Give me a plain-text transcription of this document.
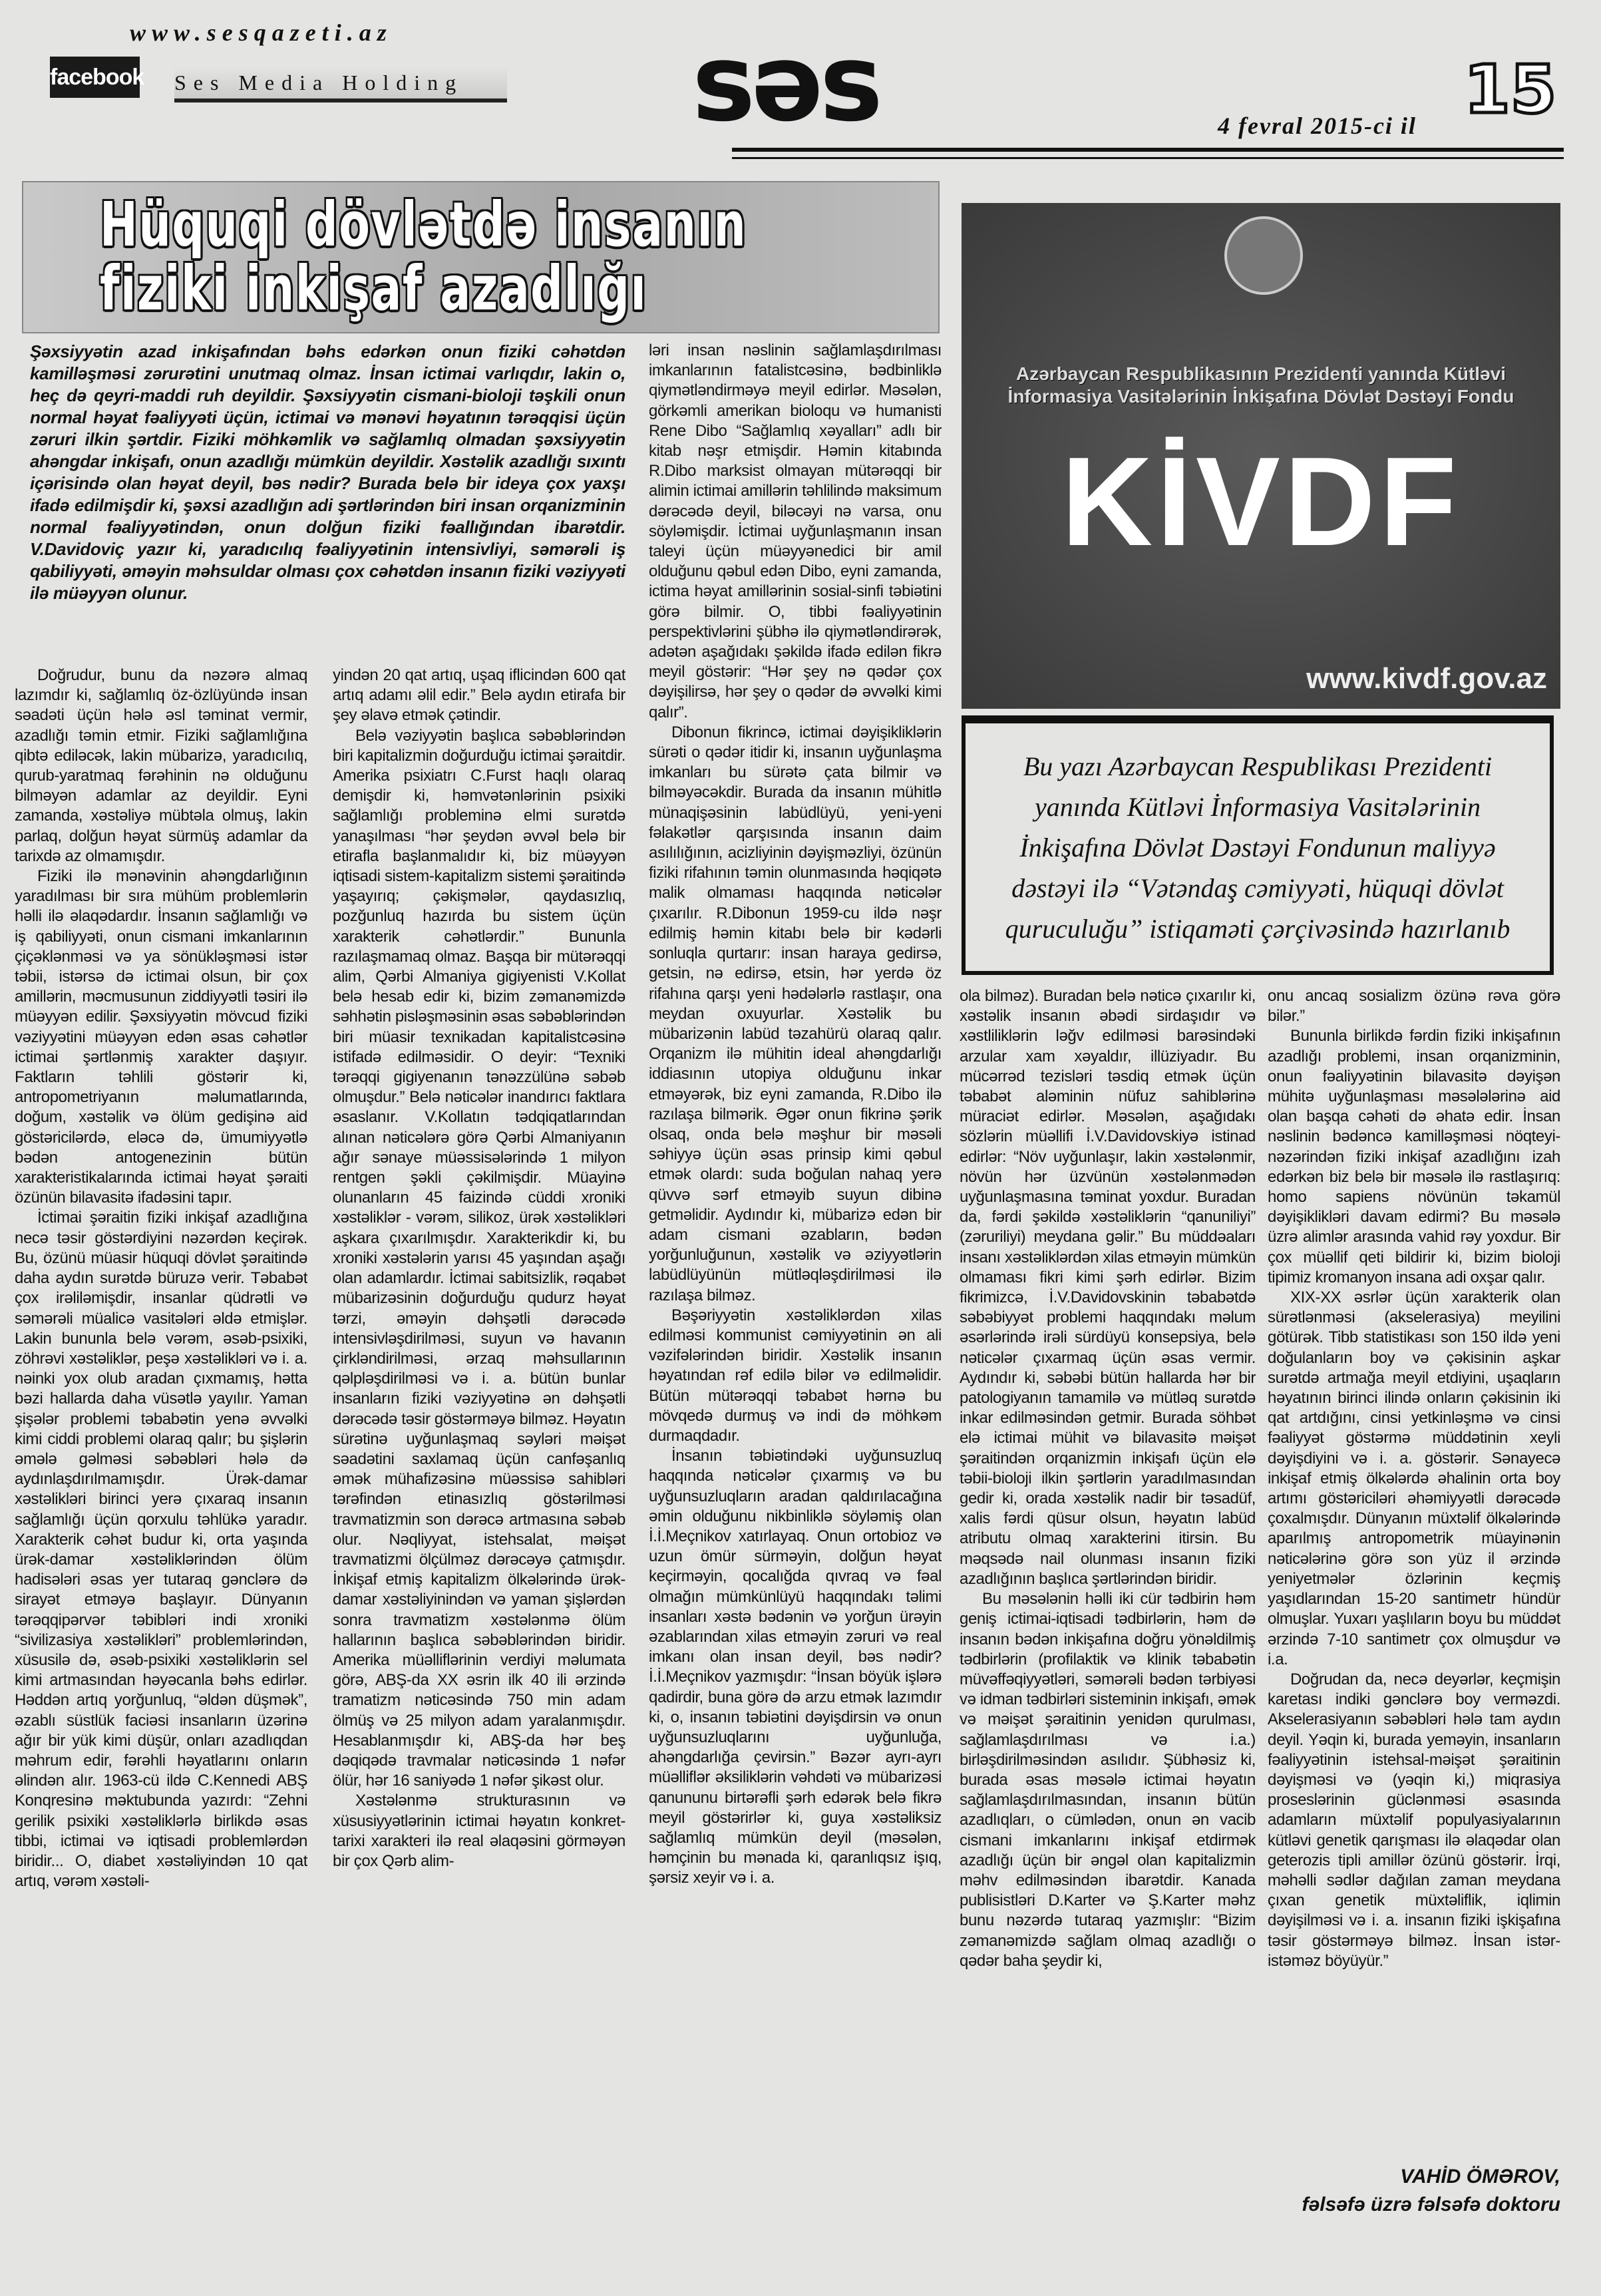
www.sesqazeti.az
facebook Ses Media Holding	səs	15
4 fevral 2015-ci il
Hüquqi dövlətdə insanın fiziki inkişaf azadlığı
Şəxsiyyətin azad inkişafından bəhs edərkən onun fiziki cəhətdən kamilləşməsi zərurətini unutmaq olmaz. İnsan ictimai varlıqdır, lakin o, heç də qeyri-maddi ruh deyildir. Şəxsiyyətin cismani-bioloji təşkili onun normal həyat fəaliyyəti üçün, ictimai və mənəvi həyatının tərəqqisi üçün zəruri ilkin şərtdir. Fiziki möhkəmlik və sağlamlıq olmadan şəxsiyyətin ahəngdar inkişafı, onun azadlığı mümkün deyildir. Xəstəlik azadlığı sıxıntı içərisində olan həyat deyil, bəs nədir? Burada belə bir ideya çox yaxşı ifadə edilmişdir ki, şəxsi azadlığın adi şərtlərindən biri insan orqanizminin normal fəaliyyətindən, onun dolğun fiziki fəallığından ibarətdir. V.Davidoviç yazır ki, yaradıcılıq fəaliyyətinin intensivliyi, səmərəli iş qabiliyyəti, əməyin məhsuldar olması çox cəhətdən insanın fiziki vəziyyəti ilə müəyyən olunur.

Doğrudur, bunu da nəzərə almaq lazımdır ki, sağlamlıq öz-özlüyündə insan səadəti üçün hələ əsl təminat vermir, azadlığı təmin etmir. Fiziki sağlamlığına qibtə ediləcək, lakin mübarizə, yaradıcılıq, qurub-yaratmaq fərəhinin nə olduğunu bilməyən adamlar az deyildir. Eyni zamanda, xəstəliyə mübtəla olmuş, lakin parlaq, dolğun həyat sürmüş adamlar da tarixdə az olmamışdır.

Fiziki ilə mənəvinin ahəngdarlığının yaradılması bir sıra mühüm problemlərin həlli ilə əlaqədardır. İnsanın sağlamlığı və iş qabiliyyəti, onun cismani imkanlarının çiçəklənməsi və ya sönükləşməsi istər təbii, istərsə də ictimai olsun, bir çox amillərin, məcmusunun ziddiyyətli təsiri ilə müəyyən edilir. Şəxsiyyətin mövcud fiziki vəziyyətini müəyyən edən əsas cəhətlər ictimai şərtlənmiş xarakter daşıyır. Faktların təhlili göstərir ki, antropometriyanın məlumatlarında, doğum, xəstəlik və ölüm gedişinə aid göstəricilərdə, eləcə də, ümumiyyətlə bədən antogenezinin bütün xarakteristikalarında ictimai həyat şəraiti özünün bilavasitə ifadəsini tapır.

İctimai şəraitin fiziki inkişaf azadlığına necə təsir göstərdiyini nəzərdən keçirək. Bu, özünü müasir hüquqi dövlət şəraitində daha aydın surətdə büruzə verir. Təbabət çox irəliləmişdir, insanlar qüdrətli və səmərəli müalicə vasitələri əldə etmişlər. Lakin bununla belə vərəm, əsəb-psixiki, zöhrəvi xəstəliklər, peşə xəstəlikləri və i. a. nəinki yox olub aradan çıxmamış, hətta bəzi hallarda daha vüsətlə yayılır. Yaman şişələr problemi təbabətin yenə əvvəlki kimi ciddi problemi olaraq qalır; bu şişlərin əmələ gəlməsi səbəbləri hələ də aydınlaşdırılmamışdır. Ürək-damar xəstəlikləri birinci yerə çıxaraq insanın sağlamlığı üçün qorxulu təhlükə yaradır. Xarakterik cəhət budur ki, orta yaşında ürək-damar xəstəliklərindən ölüm hadisələri əsas yer tutaraq gənclərə də sirayət etməyə başlayır. Dünyanın tərəqqipərvər təbibləri indi xroniki “sivilizasiya xəstəlikləri” problemlərindən, xüsusilə də, əsəb-psixiki xəstəliklərin sel kimi artmasından həyəcanla bəhs edirlər. Həddən artıq yorğunluq, “əldən düşmək”, əzablı süstlük faciəsi insanların üzərinə ağır bir yük kimi düşür, onları azadlıqdan məhrum edir, fərəhli həyatlarını onların əlindən alır. 1963-cü ildə C.Kennedi ABŞ Konqresinə məktubunda yazırdı: “Zehni gerilik psixiki xəstəliklərlə birlikdə əsas tibbi, ictimai və iqtisadi problemlərdən biridir... O, diabet xəstəliyindən 10 qat artıq, vərəm xəstəli-

yindən 20 qat artıq, uşaq iflicindən 600 qat artıq adamı əlil edir.” Belə aydın etirafa bir şey əlavə etmək çətindir.

Belə vəziyyətin başlıca səbəblərindən biri kapitalizmin doğurduğu ictimai şəraitdir. Amerika psixiatrı C.Furst haqlı olaraq demişdir ki, həmvətənlərinin psixiki sağlamlığı probleminə elmi surətdə yanaşılması “hər şeydən əvvəl belə bir etirafla başlanmalıdır ki, biz müəyyən iqtisadi sistem-kapitalizm sistemi şəraitində yaşayırıq; çəkişmələr, qaydasızlıq, pozğunluq hazırda bu sistem üçün xarakterik cəhətlərdir.” Bununla razılaşmamaq olmaz. Başqa bir mütərəqqi alim, Qərbi Almaniya gigiyenisti V.Kollat belə hesab edir ki, bizim zəmanəmizdə səhhətin pisləşməsinin əsas səbəblərindən biri müasir texnikadan kapitalistcəsinə istifadə edilməsidir. O deyir: “Texniki tərəqqi gigiyenanın tənəzzülünə səbəb olmuşdur.” Belə nəticələr inandırıcı faktlara əsaslanır. V.Kollatın tədqiqatlarından alınan nəticələrə görə Qərbi Almaniyanın ağır sənaye müəssisələrində 1 milyon rentgen şəkli çəkilmişdir. Müayinə olunanların 45 faizində cüddi xroniki xəstəliklər - vərəm, silikoz, ürək xəstəlikləri aşkara çıxarılmışdır. Xarakterikdir ki, bu xroniki xəstələrin yarısı 45 yaşından aşağı olan adamlardır. İctimai sabitsizlik, rəqabət mübarizəsinin doğurduğu qudurz həyat tərzi, əməyin dəhşətli dərəcədə intensivləşdirilməsi, suyun və havanın çirkləndirilməsi, ərzaq məhsullarının qəlpləşdirilməsi və i. a. bütün bunlar insanların fiziki vəziyyətinə ən dəhşətli dərəcədə təsir göstərməyə bilməz. Həyatın sürətinə uyğunlaşmaq səyləri məişət səadətini saxlamaq üçün canfəşanlıq əmək mühafizəsinə müəssisə sahibləri tərəfindən etinasızlıq göstərilməsi travmatizmin son dərəcə artmasına səbəb olur. Nəqliyyat, istehsalat, məişət travmatizmi ölçülməz dərəcəyə çatmışdır. İnkişaf etmiş kapitalizm ölkələrində ürək-damar xəstəliyinindən və yaman şişlərdən sonra travmatizm xəstələnmə ölüm hallarının başlıca səbəblərindən biridir. Amerika müəlliflərinin verdiyi məlumata görə, ABŞ-da XX əsrin ilk 40 ili ərzində tramatizm nəticəsində 750 min adam ölmüş və 25 milyon adam yaralanmışdır. Hesablanmışdır ki, ABŞ-da hər beş dəqiqədə travmalar nəticəsində 1 nəfər ölür, hər 16 saniyədə 1 nəfər şikəst olur.

Xəstələnmə strukturasının və xüsusiyyətlərinin ictimai həyatın konkret-tarixi xarakteri ilə real əlaqəsini görməyən bir çox Qərb alim-

ləri insan nəslinin sağlamlaşdırılması imkanlarının fatalistcəsinə, bədbinliklə qiymətləndirməyə meyil edirlər. Məsələn, görkəmli amerikan bioloqu və humanisti Rene Dibo “Sağlamlıq xəyalları” adlı bir kitab nəşr etmişdir. Həmin kitabında R.Dibo marksist olmayan mütərəqqi bir alimin ictimai amillərin təhlilində maksimum dərəcədə deyil, biləcəyi nə varsa, onu söyləmişdir. İctimai uyğunlaşmanın insan taleyi üçün müəyyənedici bir amil olduğunu qəbul edən Dibo, eyni zamanda, ictima həyat amillərinin sosial-sinfi təbiətini görə bilmir. O, tibbi fəaliyyətinin perspektivlərini şübhə ilə qiymətləndirərək, adətən aşağıdakı şəkildə ifadə edilən fikrə meyil göstərir: “Hər şey nə qədər çox dəyişilirsə, hər şey o qədər də əvvəlki kimi qalır”.

Dibonun fikrincə, ictimai dəyişikliklərin sürəti o qədər itidir ki, insanın uyğunlaşma imkanları bu sürətə çata bilmir və bilməyəcəkdir. Burada da insanın mühitlə münaqişəsinin labüdlüyü, yeni-yeni fəlakətlər qarşısında insanın daim asılılığının, acizliyinin dəyişməzliyi, özünün fiziki rifahının təmin olunmasında həqiqətə malik olmaması haqqında nəticələr çıxarılır. R.Dibonun 1959-cu ildə nəşr edilmiş həmin kitabı belə bir kədərli sonluqla qurtarır: insan haraya gedirsə, getsin, nə edirsə, etsin, hər yerdə öz rifahına qarşı yeni hədələrlə rastlaşır, ona meydan oxuyurlar. Xəstəlik bu mübarizənin labüd təzahürü olaraq qalır. Orqanizm ilə mühitin ideal ahəngdarlığı iddiasının utopiya olduğunu inkar etməyərək, biz eyni zamanda, R.Dibo ilə razılaşa bilmərik. Əgər onun fikrinə şərik olsaq, onda belə məşhur bir məsəli səhiyyə üçün əsas prinsip kimi qəbul etmək olardı: suda boğulan nahaq yerə qüvvə sərf etməyib suyun dibinə getməlidir. Aydındır ki, mübarizə edən bir adam cismani əzabların, bədən yorğunluğunun, xəstəlik və əziyyətlərin labüdlüyünün mütləqləşdirilməsi ilə razılaşa bilməz.

Bəşəriyyətin xəstəliklərdən xilas edilməsi kommunist cəmiyyətinin ən ali vəzifələrindən biridir. Xəstəlik insanın həyatından rəf edilə bilər və edilməlidir. Bütün mütərəqqi təbabət hərnə bu mövqedə durmuş və indi də möhkəm durmaqdadır.

İnsanın təbiətindəki uyğunsuzluq haqqında nəticələr çıxarmış və bu uyğunsuzluqların aradan qaldırılacağına əmin olduğunu nikbinliklə söyləmiş olan İ.İ.Meçnikov xatırlayaq. Onun ortobioz və uzun ömür sürməyin, dolğun həyat keçirməyin, qocalığda qıvraq və fəal olmağın mümkünlüyü haqqındakı təlimi insanları xəstə bədənin və yorğun ürəyin əzablarından xilas etməyin zəruri və real imkanı olan insan deyil, bəs nədir? İ.İ.Meçnikov yazmışdır: “İnsan böyük işlərə qadirdir, buna görə də arzu etmək lazımdır ki, o, insanın təbiətini dəyişdirsin və onun uyğunsuzluqlarını uyğunluğa, ahəngdarlığa çevirsin.” Bəzər ayrı-ayrı müəlliflər əksiliklərin vəhdəti və mübarizəsi qanununu birtərəfli şərh edərək belə fikrə meyil göstərirlər ki, guya xəstəliksiz sağlamlıq mümkün deyil (məsələn, həmçinin bu mənada ki, qaranlıqsız işıq, şərsiz xeyir və i. a.

ola bilməz). Buradan belə nəticə çıxarılır ki, xəstəlik insanın əbədi sirdaşıdır və xəstliliklərin ləğv edilməsi barəsindəki arzular xam xəyaldır, illüziyadır. Bu mücərrəd tezisləri təsdiq etmək üçün təbabət aləminin nüfuz sahiblərinə müraciət edirlər. Məsələn, aşağıdakı sözlərin müəllifi İ.V.Davidovskiyə istinad edirlər: “Növ uyğunlaşır, lakin xəstələnmir, növün hər üzvünün xəstələnmədən uyğunlaşmasına təminat yoxdur. Buradan da, fərdi şəkildə xəstəliklərin “qanuniliyi” (zəruriliyi) meydana gəlir.” Bu müddəaları insanı xəstəliklərdən xilas etməyin mümkün olmaması fikri kimi şərh edirlər. Bizim fikrimizcə, İ.V.Davidovskinin təbabətdə səbəbiyyət problemi haqqındakı məlum əsərlərində irəli sürdüyü konsepsiya, belə nəticələr çıxarmaq üçün əsas vermir. Aydındır ki, səbəbi bütün hallarda hər bir patologiyanın tamamilə və mütləq surətdə inkar edilməsindən getmir. Burada söhbət elə ictimai mühit və bilavasitə məişət şəraitindən orqanizmin inkişafı üçün elə təbii-bioloji ilkin şərtlərin yaradılmasından gedir ki, orada xəstəlik nadir bir təsadüf, xalis fərdi qüsur olsun, həyatın labüd atributu olmaq xarakterini itirsin. Bu məqsədə nail olunması insanın fiziki azadlığının başlıca şərtlərindən biridir.

Bu məsələnin həlli iki cür tədbirin həm geniş ictimai-iqtisadi tədbirlərin, həm də insanın bədən inkişafına doğru yönəldilmiş tədbirlərin (profilaktik və klinik təbabətin müvəffəqiyyətləri, səmərəli bədən tərbiyəsi və idman tədbirləri sisteminin inkişafı, əmək və məişət şəraitinin yenidən qurulması, sağlamlaşdırılması və i.a.) birləşdirilməsindən asılıdır. Şübhəsiz ki, burada əsas məsələ ictimai həyatın sağlamlaşdırılmasından, insanın bütün azadlıqları, o cümlədən, onun ən vacib cismani imkanlarını inkişaf etdirmək azadlığı üçün bir əngəl olan kapitalizmin məhv edilməsindən ibarətdir. Kanada publisistləri D.Karter və Ş.Karter məhz bunu nəzərdə tutaraq yazmışlır: “Bizim zəmanəmizdə sağlam olmaq azadlığı o qədər baha şeydir ki,

onu ancaq sosializm özünə rəva görə bilər.”

Bununla birlikdə fərdin fiziki inkişafının azadlığı problemi, insan orqanizminin, onun fəaliyyətinin bilavasitə dəyişən mühitə uyğunlaşması məsələlərinə aid olan başqa cəhəti də əhatə edir. İnsan nəslinin bədəncə kamilləşməsi nöqteyi-nəzərindən fiziki inkişaf azadlığını izah edərkən biz belə bir məsələ ilə rastlaşırıq: homo sapiens növünün təkamül dəyişiklikləri davam edirmi? Bu məsələ üzrə alimlər arasında vahid rəy yoxdur. Bir çox müəllif qeti bildirir ki, bizim bioloji tipimiz kromanyon insana adi oxşar qalır.

XIX-XX əsrlər üçün xarakterik olan sürətlənməsi (akselerasiya) meyilini götürək. Tibb statistikası son 150 ildə yeni doğulanların boy və çəkisinin aşkar surətdə artmağa meyil etdiyini, uşaqların həyatının birinci ilində onların çəkisinin iki qat artdığını, cinsi yetkinləşmə və cinsi fəaliyyət göstərmə müddətinin xeyli dəyişdiyini və i. a. göstərir. Sənayecə inkişaf etmiş ölkələrdə əhalinin orta boy artımı göstəriciləri əhəmiyyətli dərəcədə çoxalmışdır. Dünyanın müxtəlif ölkələrində aparılmış antropometrik müayinənin nəticələrinə görə son yüz il ərzində yeniyetmələr özlərinin keçmiş yaşıdlarından 15-20 santimetr hündür olmuşlar. Yuxarı yaşlıların boyu bu müddət ərzində 7-10 santimetr çox olmuşdur və i.a.

Doğrudan da, necə deyərlər, keçmişin karetası indiki gənclərə boy verməzdi. Akselerasiyanın səbəbləri hələ tam aydın deyil. Yəqin ki, burada yeməyin, insanların fəaliyyətinin istehsal-məişət şəraitinin dəyişməsi və (yəqin ki,) miqrasiya proseslərinin güclənməsi əsasında adamların müxtəlif populyasiyalarının kütləvi genetik qarışması ilə əlaqədar olan geterozis tipli amillər özünü göstərir. İrqi, məhəlli sədlər dağılan zaman meydana çıxan genetik müxtəliflik, iqlimin dəyişilməsi və i. a. insanın fiziki işkişafına təsir göstərməyə bilməz. İnsan istər-istəməz böyüyür.”

Azərbaycan Respublikasının Prezidenti yanında Kütləvi İnformasiya Vasitələrinin İnkişafına Dövlət Dəstəyi Fondu
KİVDF
www.kivdf.gov.az
Bu yazı Azərbaycan Respublikası Prezidenti yanında Kütləvi İnformasiya Vasitələrinin İnkişafına Dövlət Dəstəyi Fondunun maliyyə dəstəyi ilə “Vətəndaş cəmiyyəti, hüquqi dövlət quruculuğu” istiqaməti çərçivəsində hazırlanıb
VAHİD ÖMƏROV,
fəlsəfə üzrə fəlsəfə doktoru
